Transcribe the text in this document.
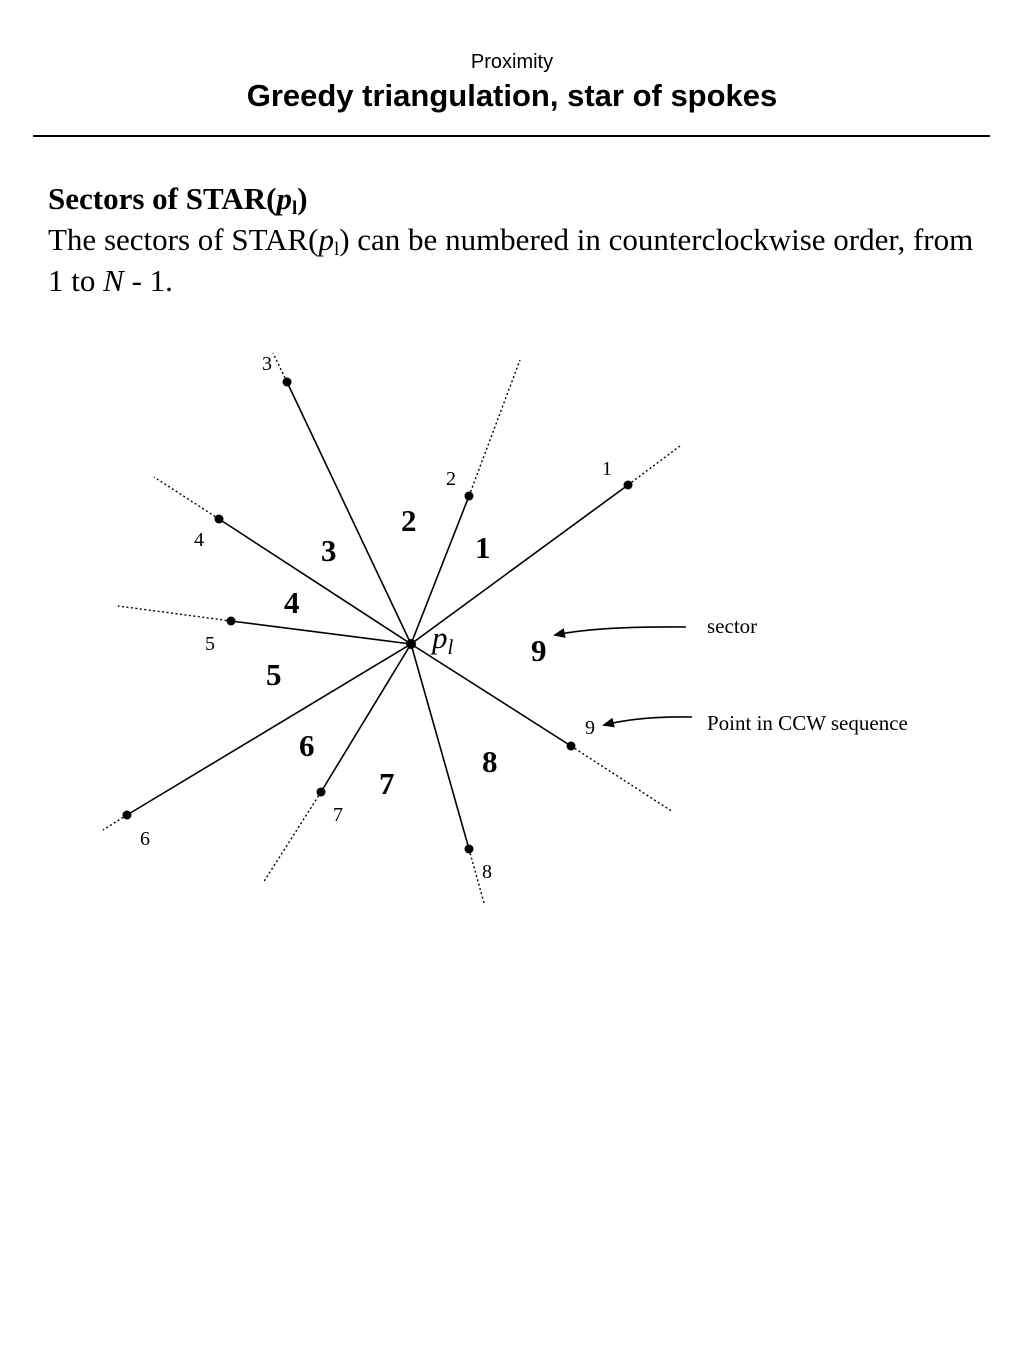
Proximity
Greedy triangulation, star of spokes
Sectors of $STAR(p_l)$
The sectors of $STAR(p_l)$ can be numbered in counterclockwise order, from 1 to N - 1.
pl
1
2
3
4
5
6
7
8
9
1
2
3
4
5
6
7
8
9
sector
Point in CCW sequence
